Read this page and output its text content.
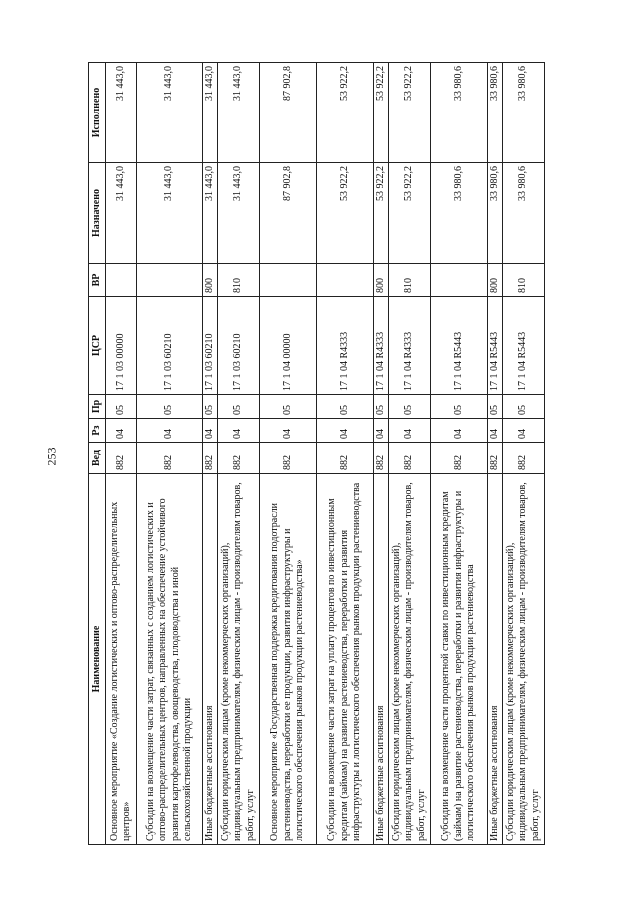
253
Наименование	Вед	Рз	Пр	ЦСР	ВР	Назначено	Исполнено
Основное мероприятие «Создание логистических и оптово-распределительных центров»	882	04	05	17 1 03 00000		31 443,0	31 443,0
Субсидии на возмещение части затрат, связанных с созданием логистических и оптово-распределительных центров, направленных на обеспечение устойчивого развития картофелеводства, овощеводства, плодоводства и иной сельскохозяйственной продукции	882	04	05	17 1 03 60210		31 443,0	31 443,0
Иные бюджетные ассигнования	882	04	05	17 1 03 60210	800	31 443,0	31 443,0
Субсидии юридическим лицам (кроме некоммерческих организаций), индивидуальным предпринимателям, физическим лицам - производителям товаров, работ, услуг	882	04	05	17 1 03 60210	810	31 443,0	31 443,0
Основное мероприятие «Государственная поддержка кредитования подотрасли растениеводства, переработки ее продукции, развития инфраструктуры и логистического обеспечения рынков продукции растениеводства»	882	04	05	17 1 04 00000		87 902,8	87 902,8
Субсидии на возмещение части затрат на уплату процентов по инвестиционным кредитам (займам) на развитие растениеводства, переработки и развития инфраструктуры и логистического обеспечения рынков продукции растениеводства	882	04	05	17 1 04 R4333		53 922,2	53 922,2
Иные бюджетные ассигнования	882	04	05	17 1 04 R4333	800	53 922,2	53 922,2
Субсидии юридическим лицам (кроме некоммерческих организаций), индивидуальным предпринимателям, физическим лицам - производителям товаров, работ, услуг	882	04	05	17 1 04 R4333	810	53 922,2	53 922,2
Субсидии на возмещение части процентной ставки по инвестиционным кредитам (займам) на развитие растениеводства, переработки и развития инфраструктуры и логистического обеспечения рынков продукции растениеводства	882	04	05	17 1 04 R5443		33 980,6	33 980,6
Иные бюджетные ассигнования	882	04	05	17 1 04 R5443	800	33 980,6	33 980,6
Субсидии юридическим лицам (кроме некоммерческих организаций), индивидуальным предпринимателям, физическим лицам - производителям товаров, работ, услуг	882	04	05	17 1 04 R5443	810	33 980,6	33 980,6
